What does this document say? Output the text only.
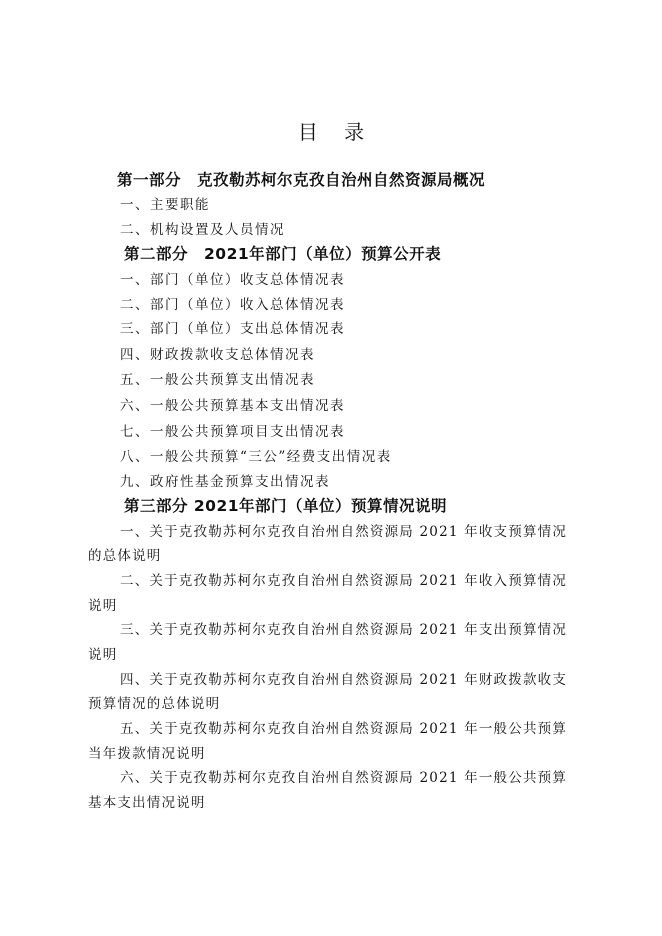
目 录
第一部分　克孜勒苏柯尔克孜自治州自然资源局概况
一、主要职能
二、机构设置及人员情况
第二部分　2021年部门（单位）预算公开表
一、部门（单位）收支总体情况表
二、部门（单位）收入总体情况表
三、部门（单位）支出总体情况表
四、财政拨款收支总体情况表
五、一般公共预算支出情况表
六、一般公共预算基本支出情况表
七、一般公共预算项目支出情况表
八、一般公共预算“三公”经费支出情况表
九、政府性基金预算支出情况表
第三部分 2021年部门（单位）预算情况说明
一、关于克孜勒苏柯尔克孜自治州自然资源局 2021 年收支预算情况
的总体说明
二、关于克孜勒苏柯尔克孜自治州自然资源局 2021 年收入预算情况
说明
三、关于克孜勒苏柯尔克孜自治州自然资源局 2021 年支出预算情况
说明
四、关于克孜勒苏柯尔克孜自治州自然资源局 2021 年财政拨款收支
预算情况的总体说明
五、关于克孜勒苏柯尔克孜自治州自然资源局 2021 年一般公共预算
当年拨款情况说明
六、关于克孜勒苏柯尔克孜自治州自然资源局 2021 年一般公共预算
基本支出情况说明
